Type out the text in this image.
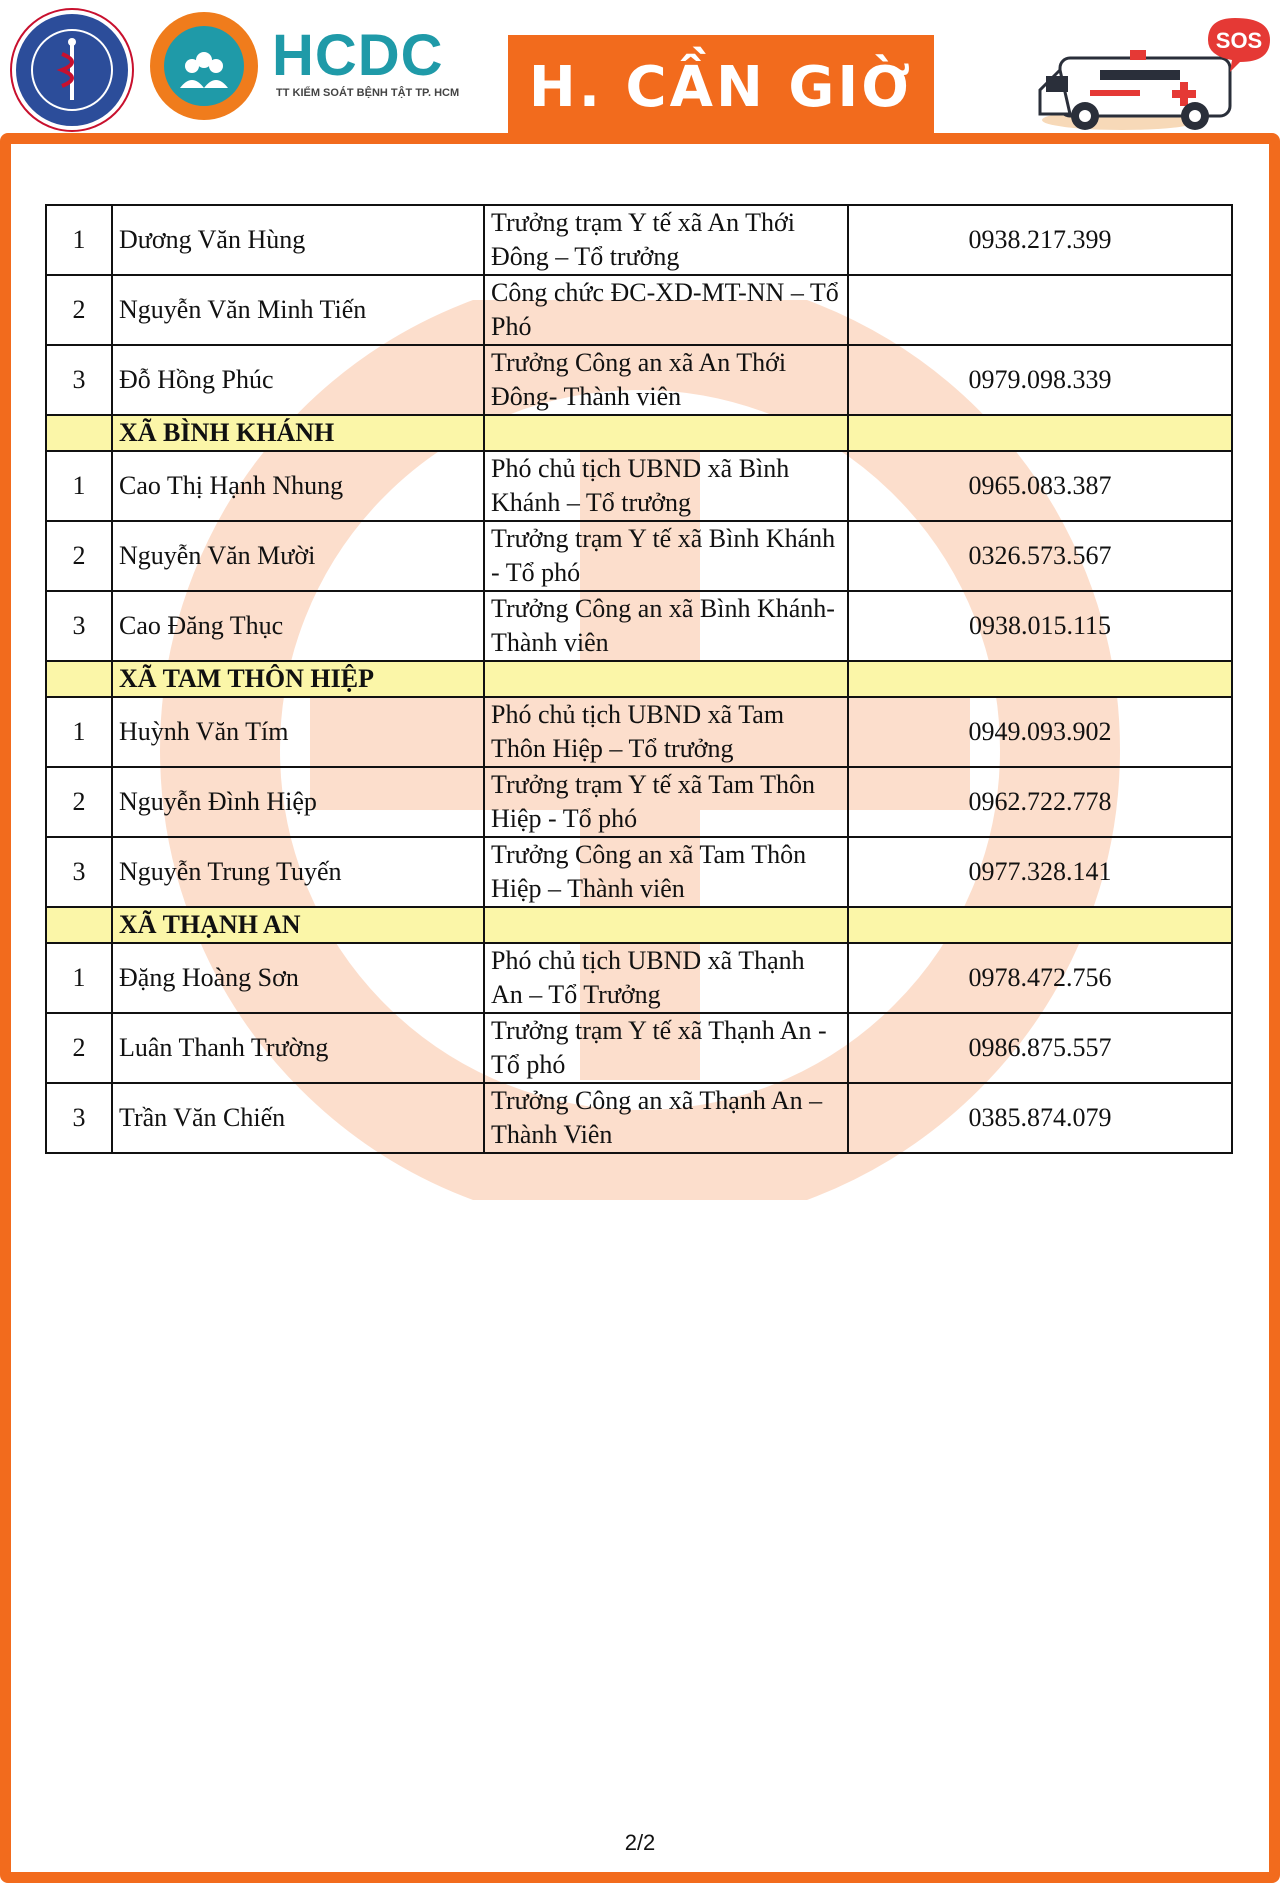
HCDC
TT KIỂM SOÁT BỆNH TẬT TP. HCM H. CẦN GIỜ
SOS
1	Dương Văn Hùng	Trưởng trạm Y tế xã An Thới Đông – Tổ trưởng	0938.217.399
2	Nguyễn Văn Minh Tiến	Công chức ĐC-XD-MT-NN – Tổ Phó	
3	Đỗ Hồng Phúc	Trưởng Công an xã An Thới Đông- Thành viên	0979.098.339
	XÃ BÌNH KHÁNH		
1	Cao Thị Hạnh Nhung	Phó chủ tịch UBND xã Bình Khánh – Tổ trưởng	0965.083.387
2	Nguyễn Văn Mười	Trưởng trạm Y tế xã Bình Khánh - Tổ phó	0326.573.567
3	Cao Đăng Thục	Trưởng Công an xã Bình Khánh- Thành viên	0938.015.115
	XÃ TAM THÔN HIỆP		
1	Huỳnh Văn Tím	Phó chủ tịch UBND xã Tam Thôn Hiệp – Tổ trưởng	0949.093.902
2	Nguyễn Đình Hiệp	Trưởng trạm Y tế xã Tam Thôn Hiệp - Tổ phó	0962.722.778
3	Nguyễn Trung Tuyến	Trưởng Công an xã Tam Thôn Hiệp – Thành viên	0977.328.141
	XÃ THẠNH AN		
1	Đặng Hoàng Sơn	Phó chủ tịch UBND xã Thạnh An – Tổ Trưởng	0978.472.756
2	Luân Thanh Trường	Trưởng trạm Y tế xã Thạnh An - Tổ phó	0986.875.557
3	Trần Văn Chiến	Trưởng Công an xã Thạnh An – Thành Viên	0385.874.079
2/2
